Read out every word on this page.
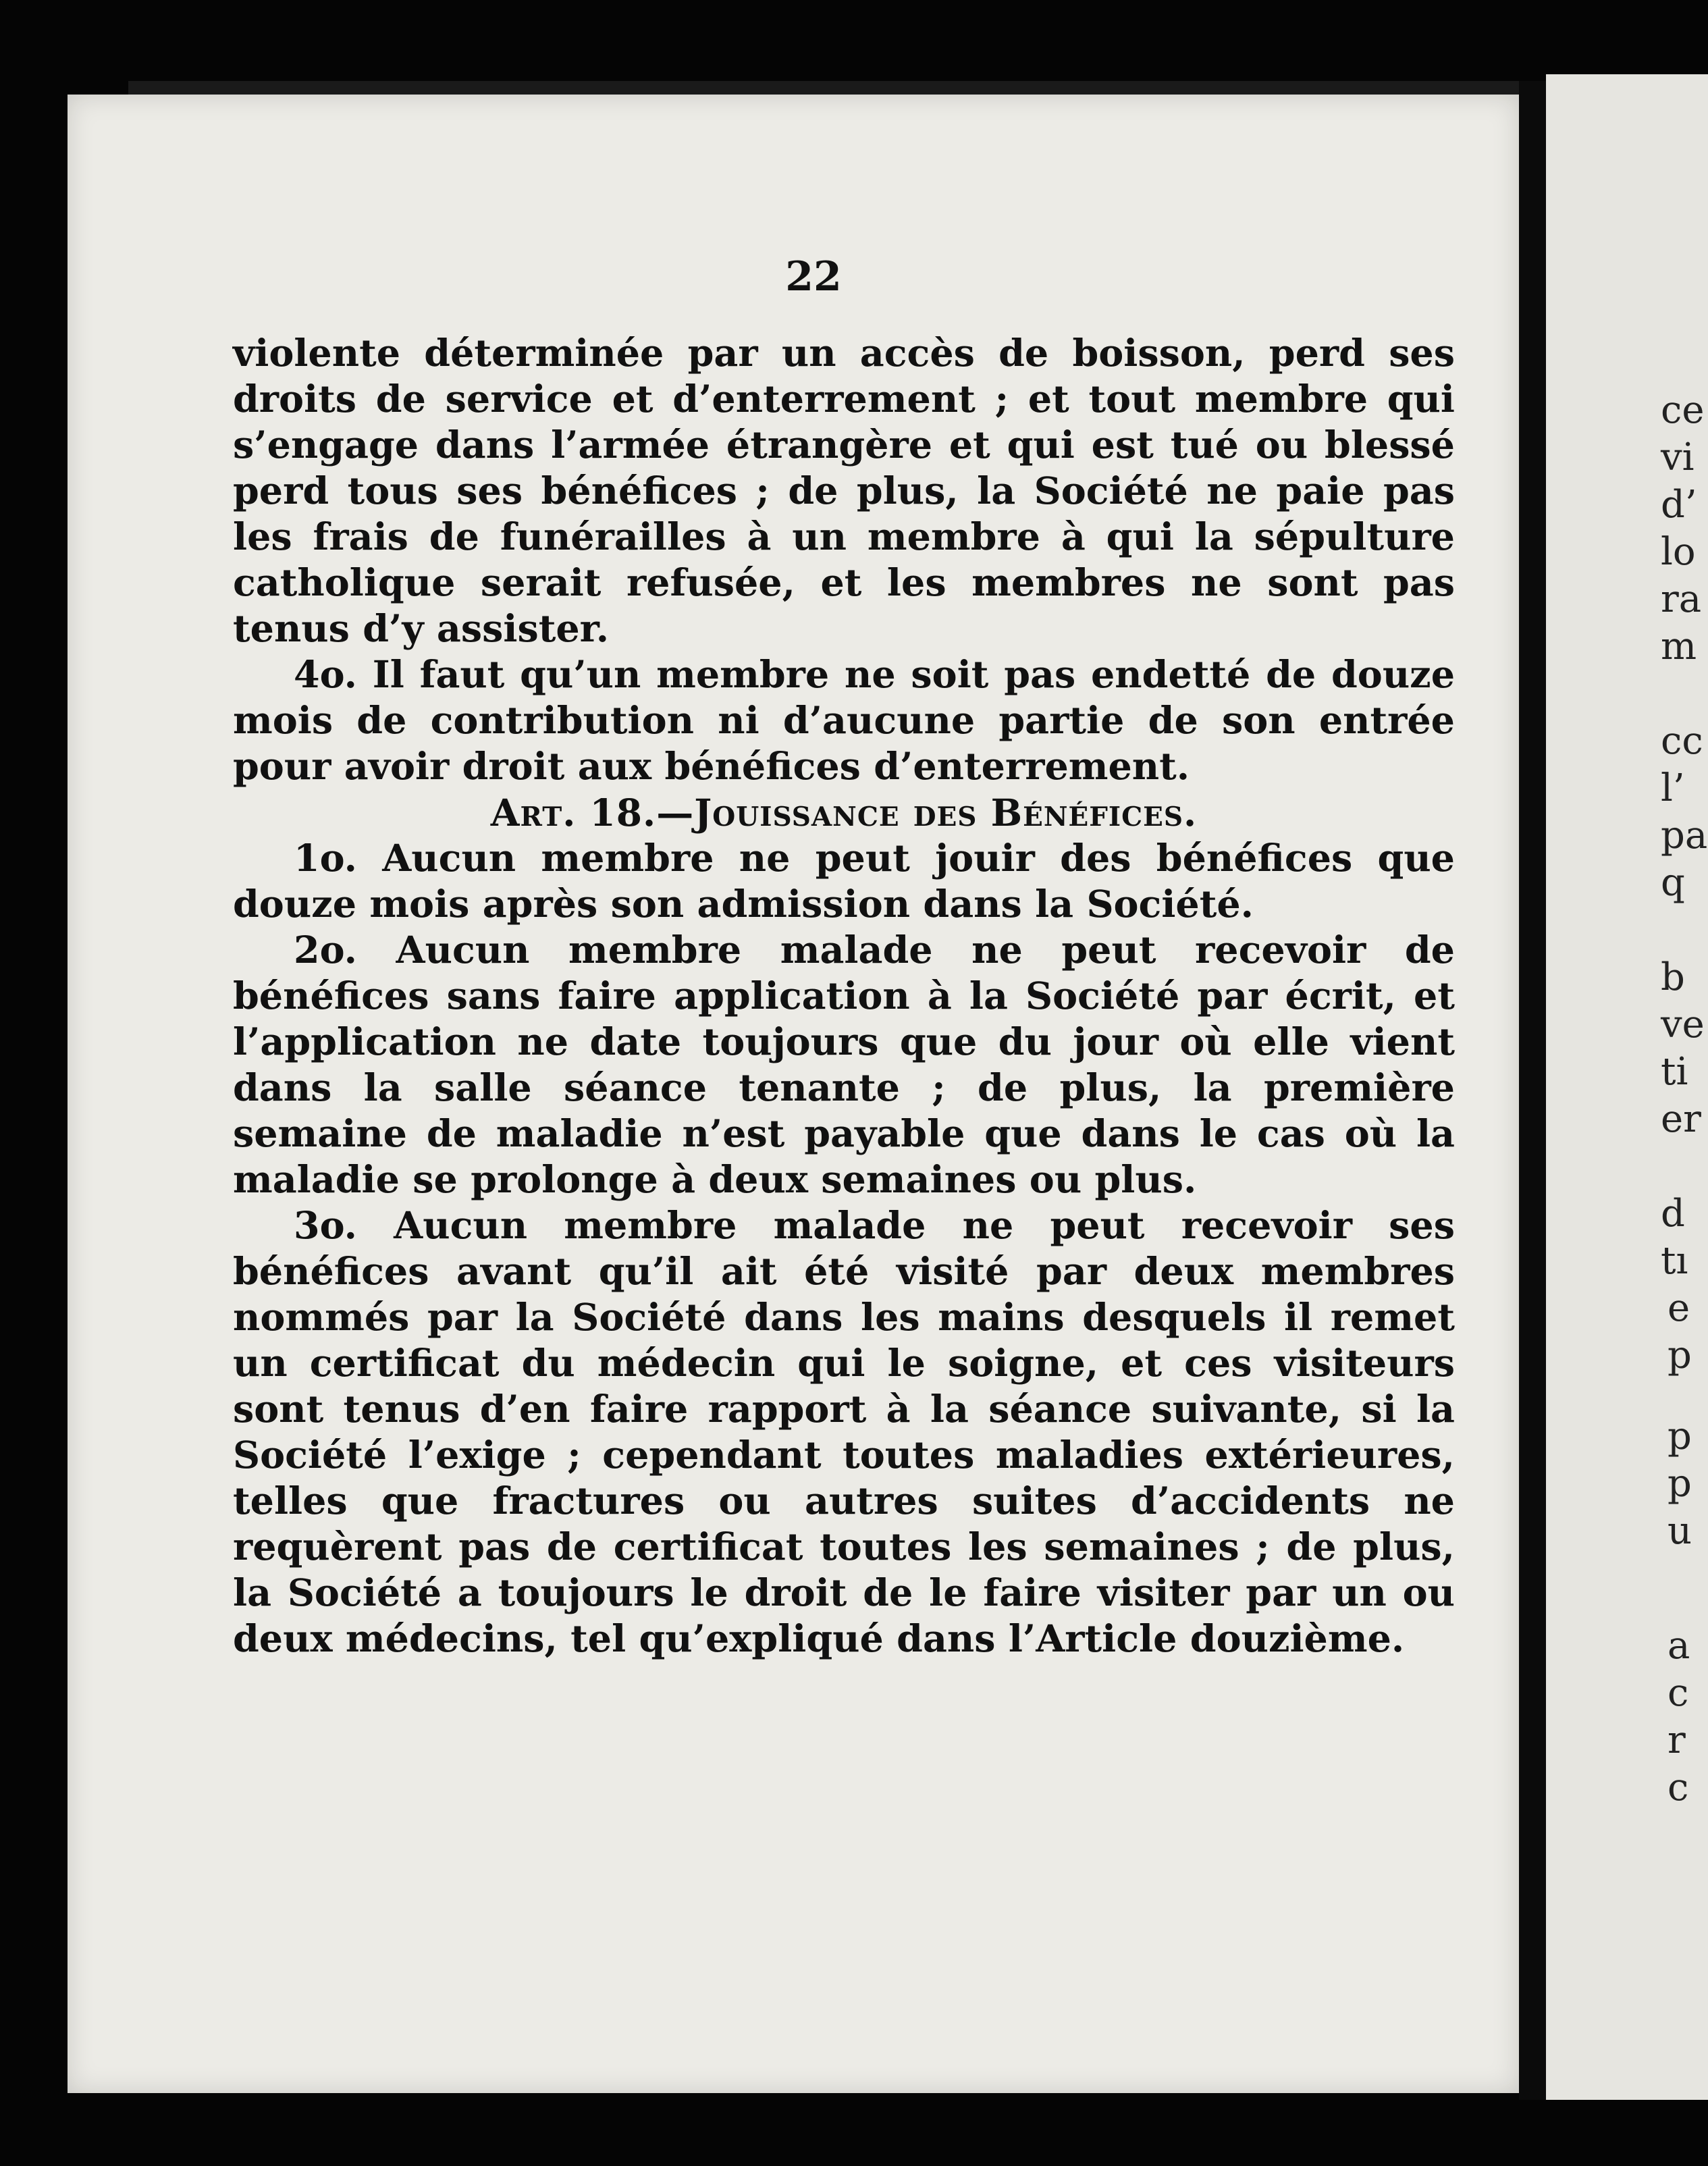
22

violente déterminée par un accès de boisson, perd ses droits de service et d’enterrement ; et tout membre qui s’engage dans l’armée étrangère et qui est tué ou blessé perd tous ses bénéfices ; de plus, la Société ne paie pas les frais de funérailles à un membre à qui la sépulture catholique serait refusée, et les membres ne sont pas tenus d’y assister.

4o. Il faut qu’un membre ne soit pas endetté de douze mois de contribution ni d’aucune partie de son entrée pour avoir droit aux bénéfices d’enterrement.

Art. 18.—Jouissance des Bénéfices.

1o. Aucun membre ne peut jouir des bénéfices que douze mois après son admission dans la Société.

2o. Aucun membre malade ne peut recevoir de bénéfices sans faire application à la Société par écrit, et l’application ne date toujours que du jour où elle vient dans la salle séance tenante ; de plus, la première semaine de maladie n’est payable que dans le cas où la maladie se prolonge à deux semaines ou plus.

3o. Aucun membre malade ne peut recevoir ses bénéfices avant qu’il ait été visité par deux membres nommés par la Société dans les mains desquels il remet un certificat du médecin qui le soigne, et ces visiteurs sont tenus d’en faire rapport à la séance suivante, si la Société l’exige ; cependant toutes maladies extérieures, telles que fractures ou autres suites d’accidents ne requèrent pas de certificat toutes les semaines ; de plus, la Société a toujours le droit de le faire visiter par un ou deux médecins, tel qu’expliqué dans l’Article douzième.

ce
vi
d’
lo
ra
m
cc
l’
pa
q
b
ve
ti
er
d
tı
e
p
p
p
u
a
c
r
c
